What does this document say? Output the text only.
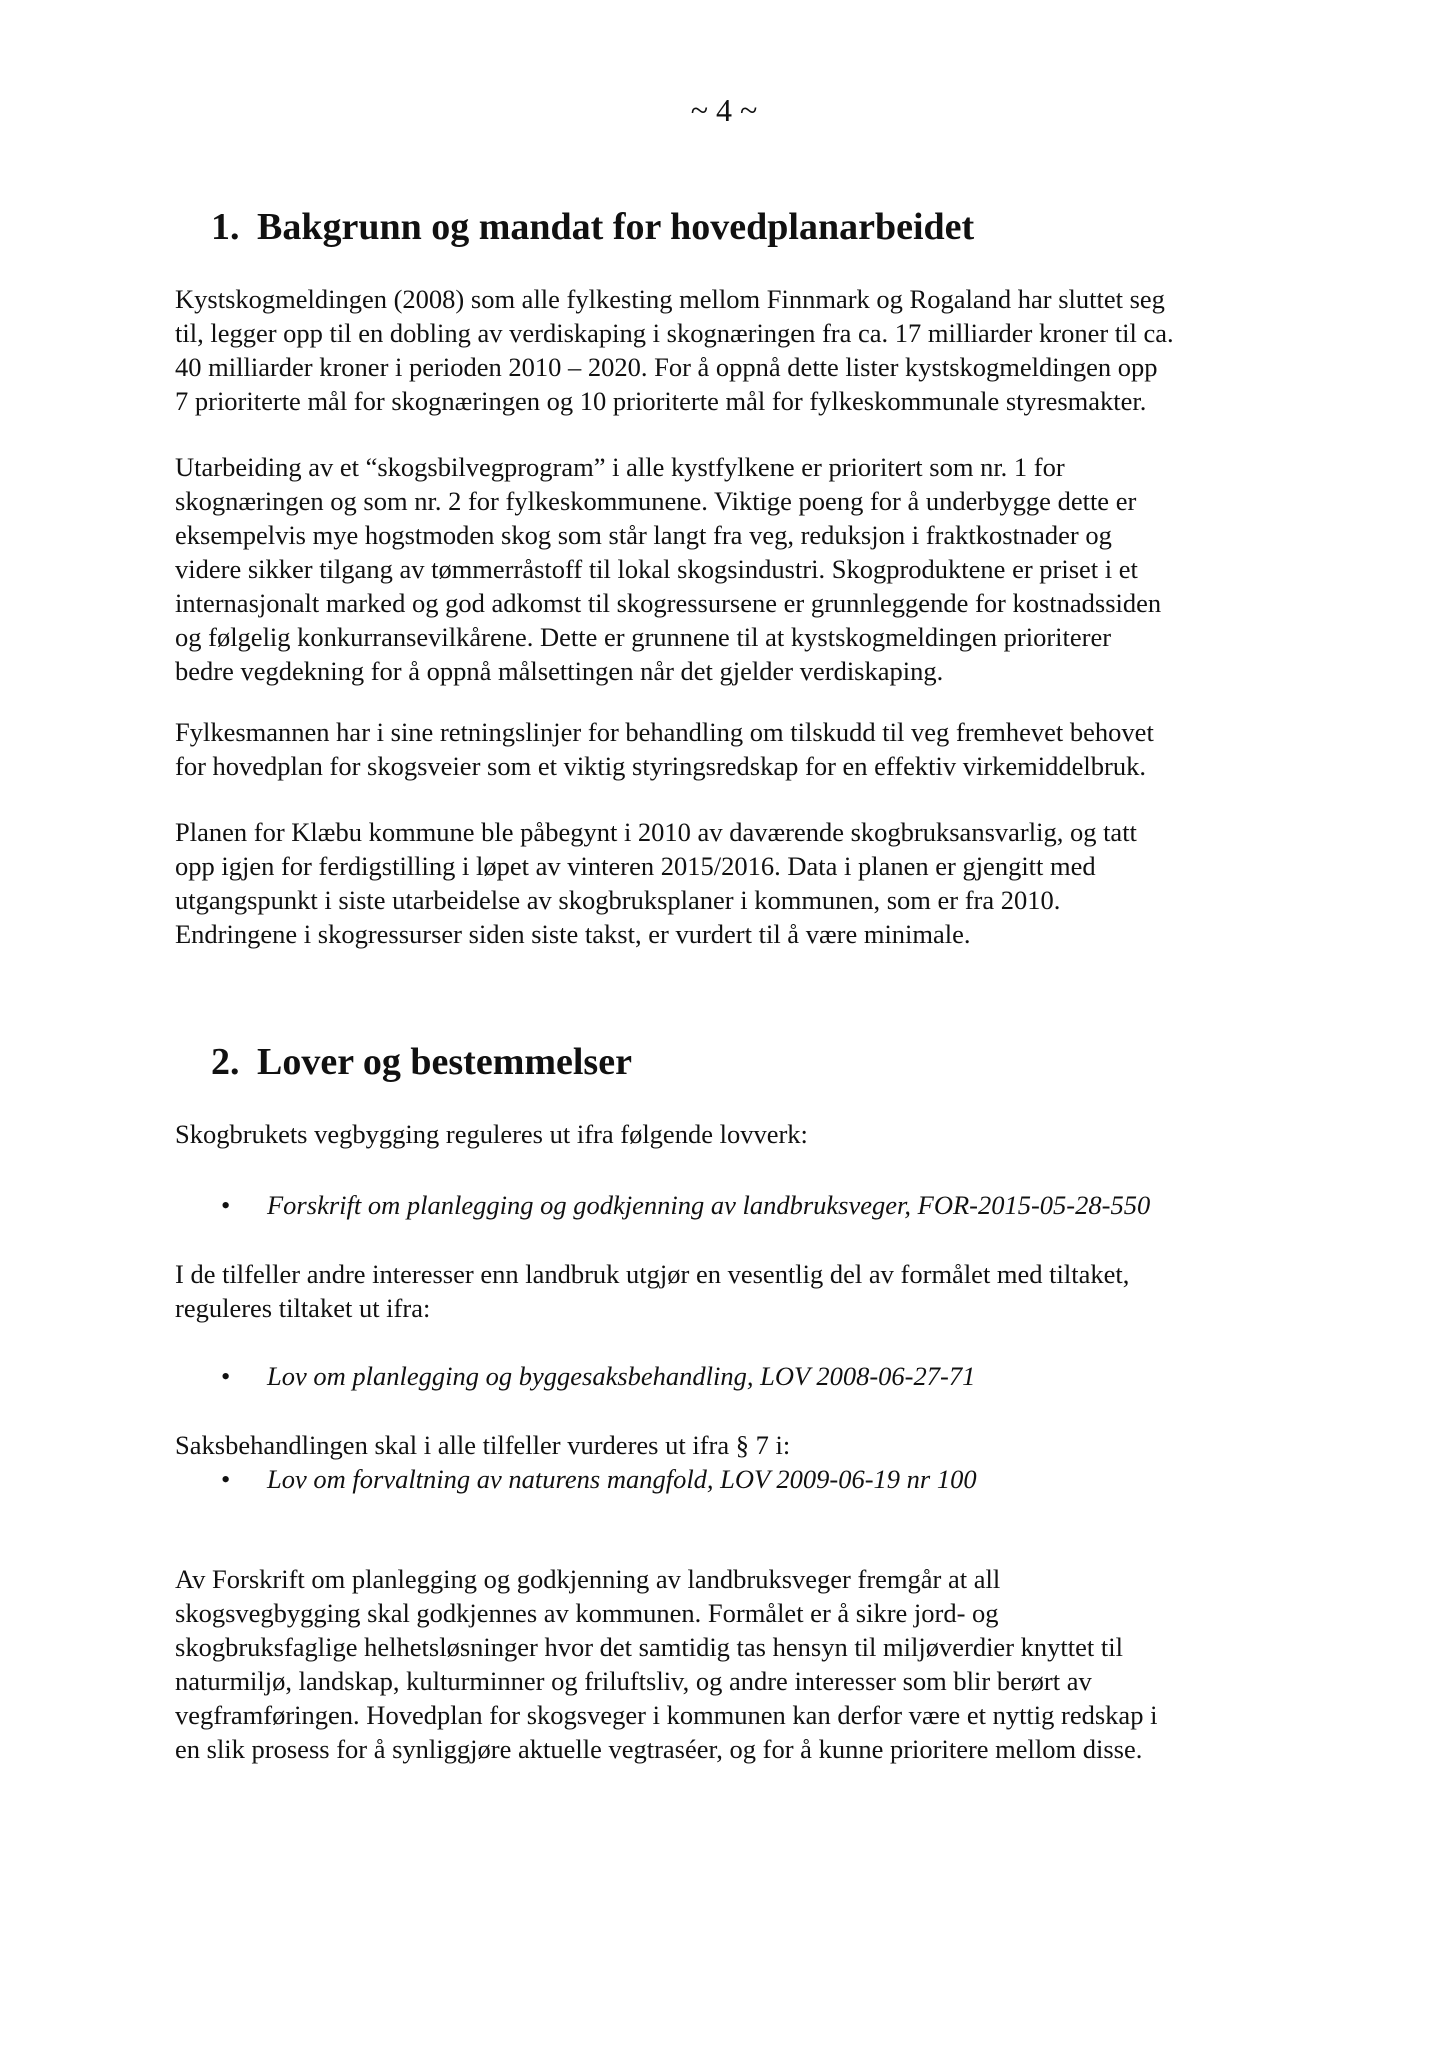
~ 4 ~
1. Bakgrunn og mandat for hovedplanarbeidet

Kystskogmeldingen (2008) som alle fylkesting mellom Finnmark og Rogaland har sluttet seg
til, legger opp til en dobling av verdiskaping i skognæringen fra ca. 17 milliarder kroner til ca.
40 milliarder kroner i perioden 2010 – 2020. For å oppnå dette lister kystskogmeldingen opp
7 prioriterte mål for skognæringen og 10 prioriterte mål for fylkeskommunale styresmakter.

Utarbeiding av et “skogsbilvegprogram” i alle kystfylkene er prioritert som nr. 1 for
skognæringen og som nr. 2 for fylkeskommunene. Viktige poeng for å underbygge dette er
eksempelvis mye hogstmoden skog som står langt fra veg, reduksjon i fraktkostnader og
videre sikker tilgang av tømmerråstoff til lokal skogsindustri. Skogproduktene er priset i et
internasjonalt marked og god adkomst til skogressursene er grunnleggende for kostnadssiden
og følgelig konkurransevilkårene. Dette er grunnene til at kystskogmeldingen prioriterer
bedre vegdekning for å oppnå målsettingen når det gjelder verdiskaping.

Fylkesmannen har i sine retningslinjer for behandling om tilskudd til veg fremhevet behovet
for hovedplan for skogsveier som et viktig styringsredskap for en effektiv virkemiddelbruk.

Planen for Klæbu kommune ble påbegynt i 2010 av daværende skogbruksansvarlig, og tatt
opp igjen for ferdigstilling i løpet av vinteren 2015/2016. Data i planen er gjengitt med
utgangspunkt i siste utarbeidelse av skogbruksplaner i kommunen, som er fra 2010.
Endringene i skogressurser siden siste takst, er vurdert til å være minimale.

2. Lover og bestemmelser

Skogbrukets vegbygging reguleres ut ifra følgende lovverk:

• Forskrift om planlegging og godkjenning av landbruksveger, FOR-2015-05-28-550

I de tilfeller andre interesser enn landbruk utgjør en vesentlig del av formålet med tiltaket,
reguleres tiltaket ut ifra:

• Lov om planlegging og byggesaksbehandling, LOV 2008-06-27-71

Saksbehandlingen skal i alle tilfeller vurderes ut ifra § 7 i:

• Lov om forvaltning av naturens mangfold, LOV 2009-06-19 nr 100

Av Forskrift om planlegging og godkjenning av landbruksveger fremgår at all
skogsvegbygging skal godkjennes av kommunen. Formålet er å sikre jord- og
skogbruksfaglige helhetsløsninger hvor det samtidig tas hensyn til miljøverdier knyttet til
naturmiljø, landskap, kulturminner og friluftsliv, og andre interesser som blir berørt av
vegframføringen. Hovedplan for skogsveger i kommunen kan derfor være et nyttig redskap i
en slik prosess for å synliggjøre aktuelle vegtraséer, og for å kunne prioritere mellom disse.
